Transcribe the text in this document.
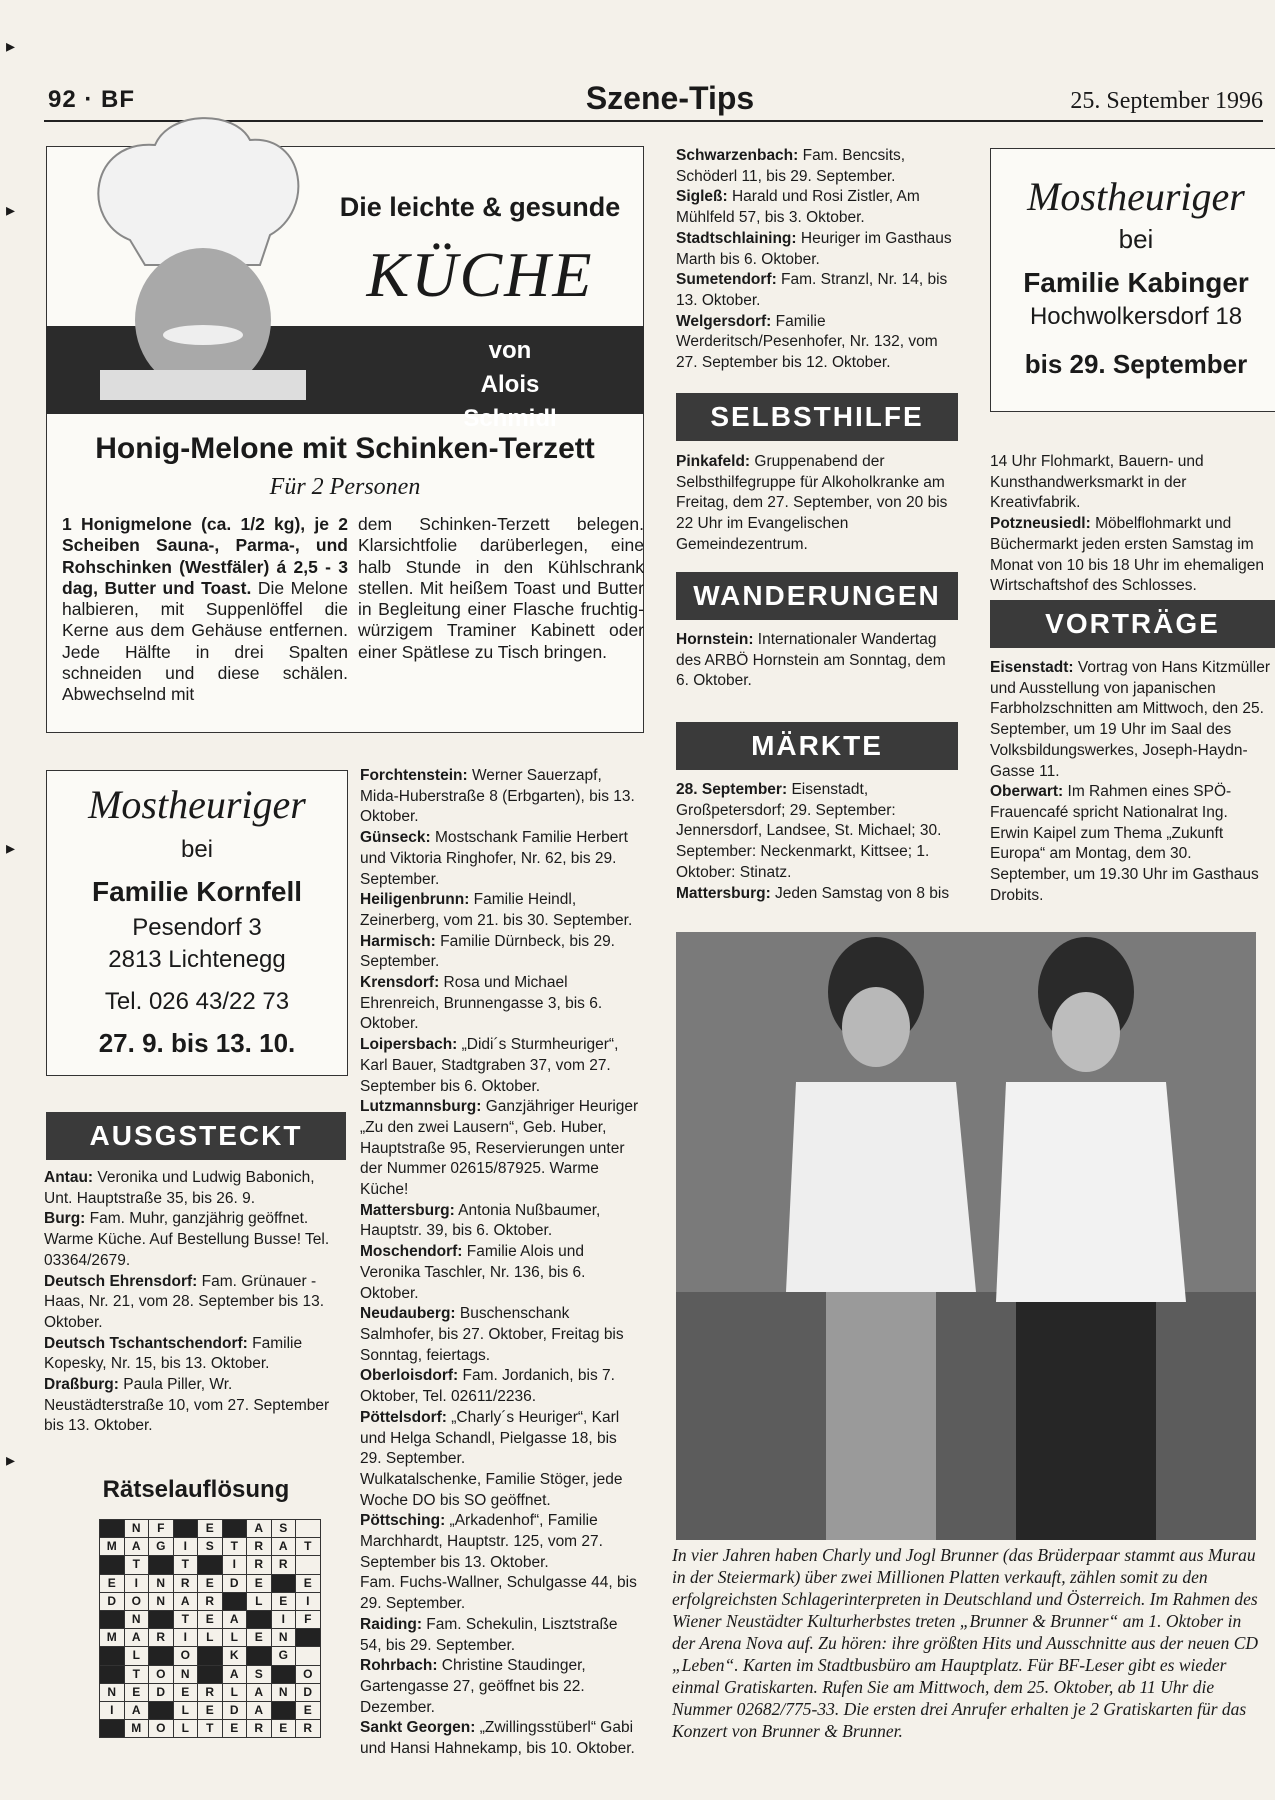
▸
▸
▸
▸
92 · BF	Szene-Tips	25. September 1996
Die leichte & gesunde
KÜCHE
von
Alois Schmidl
Honig-Melone mit Schinken-Terzett
Für 2 Personen
1 Honigmelone (ca. 1/2 kg), je 2 Scheiben Sauna-, Parma-, und Rohschinken (Westfäler) á 2,5 - 3 dag, Butter und Toast. Die Melone halbieren, mit Suppenlöffel die Kerne aus dem Gehäuse entfernen. Jede Hälfte in drei Spalten schneiden und diese schälen. Abwechselnd mit
dem Schinken-Terzett belegen. Klarsichtfolie darüberlegen, eine halb Stunde in den Kühlschrank stellen. Mit heißem Toast und Butter in Begleitung einer Flasche fruchtig-würzigem Traminer Kabinett oder einer Spätlese zu Tisch bringen.
Mostheuriger
bei
Familie Kornfell
Pesendorf 3
2813 Lichtenegg
Tel. 026 43/22 73
27. 9. bis 13. 10.
AUSGSTECKT

Antau: Veronika und Ludwig Babonich, Unt. Hauptstraße 35, bis 26. 9.

Burg: Fam. Muhr, ganzjährig geöffnet. Warme Küche. Auf Bestellung Busse! Tel. 03364/2679.

Deutsch Ehrensdorf: Fam. Grünauer - Haas, Nr. 21, vom 28. September bis 13. Oktober.

Deutsch Tschantschendorf: Familie Kopesky, Nr. 15, bis 13. Oktober.

Draßburg: Paula Piller, Wr. Neustädterstraße 10, vom 27. September bis 13. Oktober.

Rätselauflösung
	N	F		E		A	S	
M	A	G	I	S	T	R	A	T
	T		T		I	R	R	
E	I	N	R	E	D	E		E
D	O	N	A	R		L	E	I
	N		T	E	A		I	F
M	A	R	I	L	L	E	N	
	L		O		K		G	
	T	O	N		A	S		O
N	E	D	E	R	L	A	N	D
I	A		L	E	D	A		E
	M	O	L	T	E	R	E	R

Forchtenstein: Werner Sauerzapf, Mida-Huberstraße 8 (Erbgarten), bis 13. Oktober.

Günseck: Mostschank Familie Herbert und Viktoria Ringhofer, Nr. 62, bis 29. September.

Heiligenbrunn: Familie Heindl, Zeinerberg, vom 21. bis 30. September.

Harmisch: Familie Dürnbeck, bis 29. September.

Krensdorf: Rosa und Michael Ehrenreich, Brunnengasse 3, bis 6. Oktober.

Loipersbach: „Didi´s Sturmheuriger“, Karl Bauer, Stadtgraben 37, vom 27. September bis 6. Oktober.

Lutzmannsburg: Ganzjähriger Heuriger „Zu den zwei Lausern“, Geb. Huber, Hauptstraße 95, Reservierungen unter der Nummer 02615/87925. Warme Küche!

Mattersburg: Antonia Nußbaumer, Hauptstr. 39, bis 6. Oktober.

Moschendorf: Familie Alois und Veronika Taschler, Nr. 136, bis 6. Oktober.

Neudauberg: Buschenschank Salmhofer, bis 27. Oktober, Freitag bis Sonntag, feiertags.

Oberloisdorf: Fam. Jordanich, bis 7. Oktober, Tel. 02611/2236.

Pöttelsdorf: „Charly´s Heuriger“, Karl und Helga Schandl, Pielgasse 18, bis 29. September.

Wulkatalschenke, Familie Stöger, jede Woche DO bis SO geöffnet.

Pöttsching: „Arkadenhof“, Familie Marchhardt, Hauptstr. 125, vom 27. September bis 13. Oktober.

Fam. Fuchs-Wallner, Schulgasse 44, bis 29. September.

Raiding: Fam. Schekulin, Lisztstraße 54, bis 29. September.

Rohrbach: Christine Staudinger, Gartengasse 27, geöffnet bis 22. Dezember.

Sankt Georgen: „Zwillingsstüberl“ Gabi und Hansi Hahnekamp, bis 10. Oktober.

Schwarzenbach: Fam. Bencsits, Schöderl 11, bis 29. September.

Sigleß: Harald und Rosi Zistler, Am Mühlfeld 57, bis 3. Oktober.

Stadtschlaining: Heuriger im Gasthaus Marth bis 6. Oktober.

Sumetendorf: Fam. Stranzl, Nr. 14, bis 13. Oktober.

Welgersdorf: Familie Werderitsch/Pesenhofer, Nr. 132, vom 27. September bis 12. Oktober.

SELBSTHILFE

Pinkafeld: Gruppenabend der Selbsthilfegruppe für Alkoholkranke am Freitag, dem 27. September, von 20 bis 22 Uhr im Evangelischen Gemeindezentrum.

WANDERUNGEN

Hornstein: Internationaler Wandertag des ARBÖ Hornstein am Sonntag, dem 6. Oktober.

MÄRKTE

28. September: Eisenstadt, Großpetersdorf; 29. September: Jennersdorf, Landsee, St. Michael; 30. September: Neckenmarkt, Kittsee; 1. Oktober: Stinatz.

Mattersburg: Jeden Samstag von 8 bis

Mostheuriger
bei
Familie Kabinger
Hochwolkersdorf 18
bis 29. September

14 Uhr Flohmarkt, Bauern- und Kunsthandwerksmarkt in der Kreativfabrik.

Potzneusiedl: Möbelflohmarkt und Büchermarkt jeden ersten Samstag im Monat von 10 bis 18 Uhr im ehemaligen Wirtschaftshof des Schlosses.

VORTRÄGE

Eisenstadt: Vortrag von Hans Kitzmüller und Ausstellung von japanischen Farbholzschnitten am Mittwoch, den 25. September, um 19 Uhr im Saal des Volksbildungswerkes, Joseph-Haydn-Gasse 11.

Oberwart: Im Rahmen eines SPÖ-Frauencafé spricht Nationalrat Ing. Erwin Kaipel zum Thema „Zukunft Europa“ am Montag, dem 30. September, um 19.30 Uhr im Gasthaus Drobits.

In vier Jahren haben Charly und Jogl Brunner (das Brüderpaar stammt aus Murau in der Steiermark) über zwei Millionen Platten verkauft, zählen somit zu den erfolgreichsten Schlagerinterpreten in Deutschland und Österreich. Im Rahmen des Wiener Neustädter Kulturherbstes treten „Brunner & Brunner“ am 1. Oktober in der Arena Nova auf. Zu hören: ihre größten Hits und Ausschnitte aus der neuen CD „Leben“. Karten im Stadtbusbüro am Hauptplatz. Für BF-Leser gibt es wieder einmal Gratiskarten. Rufen Sie am Mittwoch, dem 25. Oktober, ab 11 Uhr die Nummer 02682/775-33. Die ersten drei Anrufer erhalten je 2 Gratiskarten für das Konzert von Brunner & Brunner.
